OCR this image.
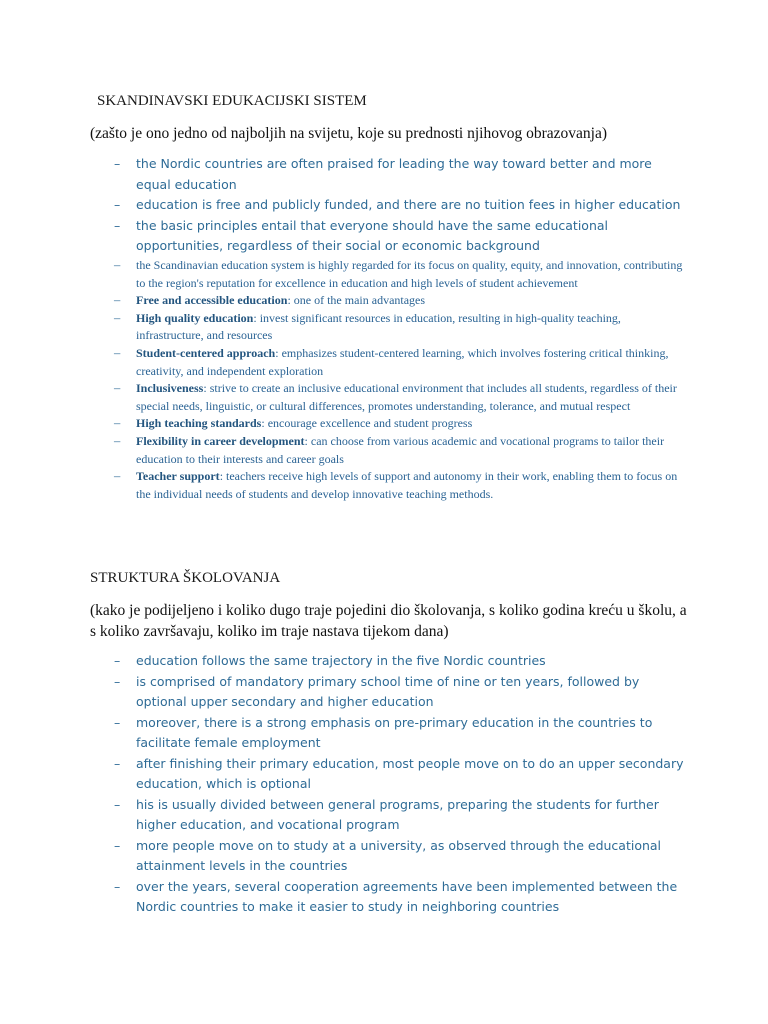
SKANDINAVSKI EDUKACIJSKI SISTEM

(zašto je ono jedno od najboljih na svijetu, koje su prednosti njihovog obrazovanja)

– the Nordic countries are often praised for leading the way toward better and more equal education
– education is free and publicly funded, and there are no tuition fees in higher education
– the basic principles entail that everyone should have the same educational opportunities, regardless of their social or economic background
– the Scandinavian education system is highly regarded for its focus on quality, equity, and innovation, contributing to the region's reputation for excellence in education and high levels of student achievement
– Free and accessible education: one of the main advantages
– High quality education: invest significant resources in education, resulting in high-quality teaching, infrastructure, and resources
– Student-centered approach: emphasizes student-centered learning, which involves fostering critical thinking, creativity, and independent exploration
– Inclusiveness: strive to create an inclusive educational environment that includes all students, regardless of their special needs, linguistic, or cultural differences, promotes understanding, tolerance, and mutual respect
– High teaching standards: encourage excellence and student progress
– Flexibility in career development: can choose from various academic and vocational programs to tailor their education to their interests and career goals
– Teacher support: teachers receive high levels of support and autonomy in their work, enabling them to focus on the individual needs of students and develop innovative teaching methods.
STRUKTURA ŠKOLOVANJA

(kako je podijeljeno i koliko dugo traje pojedini dio školovanja, s koliko godina kreću u školu, a s koliko završavaju, koliko im traje nastava tijekom dana)

– education follows the same trajectory in the five Nordic countries
– is comprised of mandatory primary school time of nine or ten years, followed by optional upper secondary and higher education
– moreover, there is a strong emphasis on pre-primary education in the countries to facilitate female employment
– after finishing their primary education, most people move on to do an upper secondary education, which is optional
– his is usually divided between general programs, preparing the students for further higher education, and vocational program
– more people move on to study at a university, as observed through the educational attainment levels in the countries
– over the years, several cooperation agreements have been implemented between the Nordic countries to make it easier to study in neighboring countries
